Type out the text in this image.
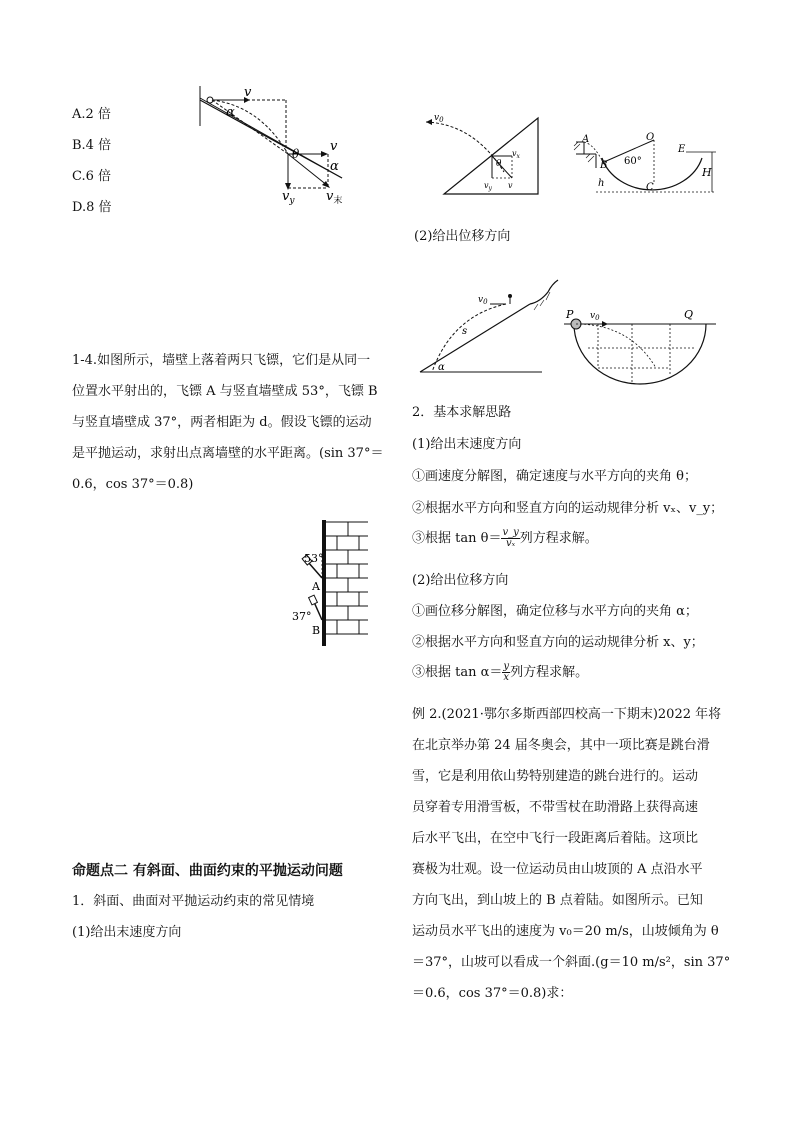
A.2 倍
B.4 倍
C.6 倍
D.8 倍
v
α
θ v
α
$v_y$ $v_末$
1-4.如图所示，墙壁上落着两只飞镖，它们是从同一
位置水平射出的，飞镖 A 与竖直墙壁成 53°，飞镖 B
与竖直墙壁成 37°，两者相距为 d。假设飞镖的运动
是平抛运动，求射出点离墙壁的水平距离。(sin 37°＝
0.6，cos 37°＝0.8)
53°
A
37°
B
命题点二 有斜面、曲面约束的平抛运动问题
1．斜面、曲面对平抛运动约束的常见情境
(1)给出末速度方向
$v_0$
$v_x$
θ
$v_y$ v
A	O
E
60°
B
h	C
H
(2)给出位移方向
$v_0$
s
α
P $v_0$	Q
2．基本求解思路
(1)给出末速度方向
①画速度分解图，确定速度与水平方向的夹角 θ；
②根据水平方向和竖直方向的运动规律分析 vₓ、v_y；
③根据 $\tan \theta= \frac{v\_y}{\text{vₓ}}$ 列方程求解。
(2)给出位移方向
①画位移分解图，确定位移与水平方向的夹角 α；
②根据水平方向和竖直方向的运动规律分析 x、y；
③根据 $\tan \alpha= \frac{y}{x}$ 列方程求解。
例 2.(2021·鄂尔多斯西部四校高一下期末)2022 年将
在北京举办第 24 届冬奥会，其中一项比赛是跳台滑
雪，它是利用依山势特别建造的跳台进行的。运动
员穿着专用滑雪板，不带雪杖在助滑路上获得高速
后水平飞出，在空中飞行一段距离后着陆。这项比
赛极为壮观。设一位运动员由山坡顶的 A 点沿水平
方向飞出，到山坡上的 B 点着陆。如图所示。已知
运动员水平飞出的速度为 v₀＝20 m/s，山坡倾角为 θ
＝37°，山坡可以看成一个斜面.(g＝10 m/s²，sin 37°
＝0.6，cos 37°＝0.8)求：
